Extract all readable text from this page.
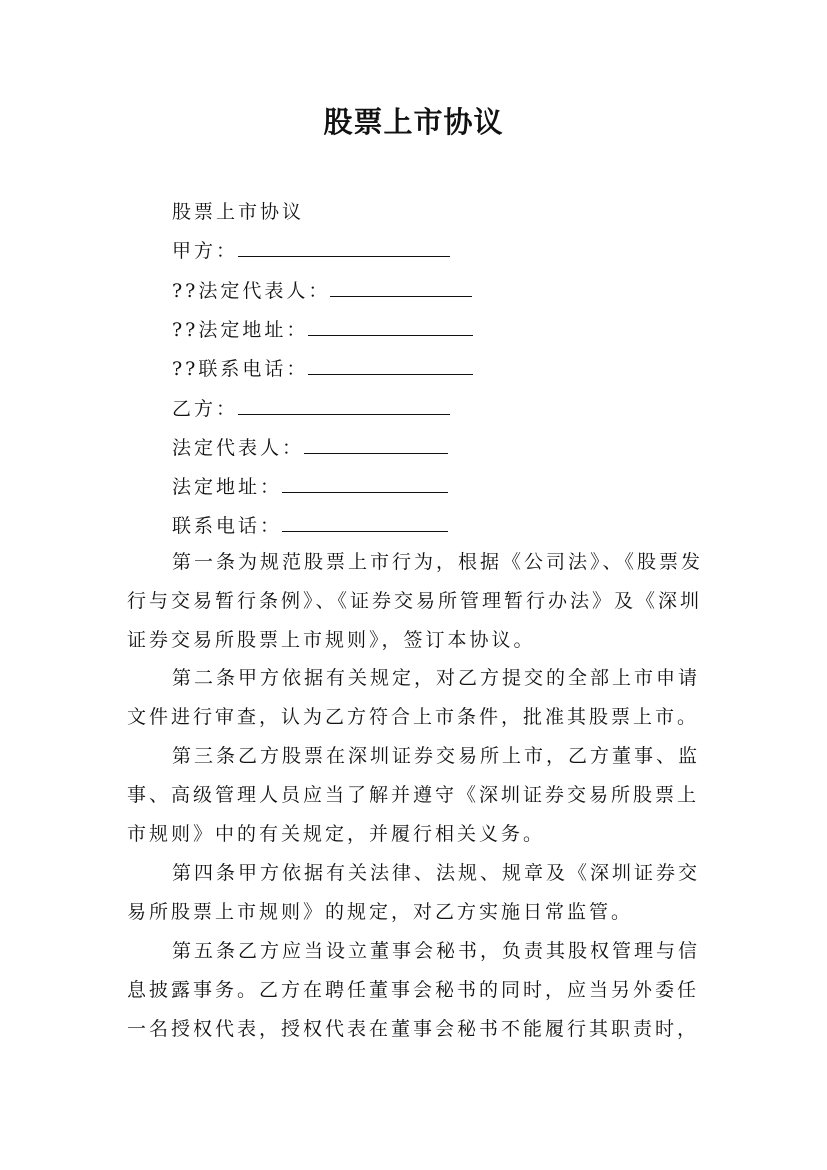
股票上市协议
股票上市协议
甲方：
??法定代表人：
??法定地址：
??联系电话：
乙方：
法定代表人：
法定地址：
联系电话：
第一条为规范股票上市行为，根据《公司法》、《股票发
行与交易暂行条例》、《证券交易所管理暂行办法》及《深圳
证券交易所股票上市规则》，签订本协议。
第二条甲方依据有关规定，对乙方提交的全部上市申请
文件进行审查，认为乙方符合上市条件，批准其股票上市。
第三条乙方股票在深圳证券交易所上市，乙方董事、监
事、高级管理人员应当了解并遵守《深圳证券交易所股票上
市规则》中的有关规定，并履行相关义务。
第四条甲方依据有关法律、法规、规章及《深圳证券交
易所股票上市规则》的规定，对乙方实施日常监管。
第五条乙方应当设立董事会秘书，负责其股权管理与信
息披露事务。乙方在聘任董事会秘书的同时，应当另外委任
一名授权代表，授权代表在董事会秘书不能履行其职责时，
